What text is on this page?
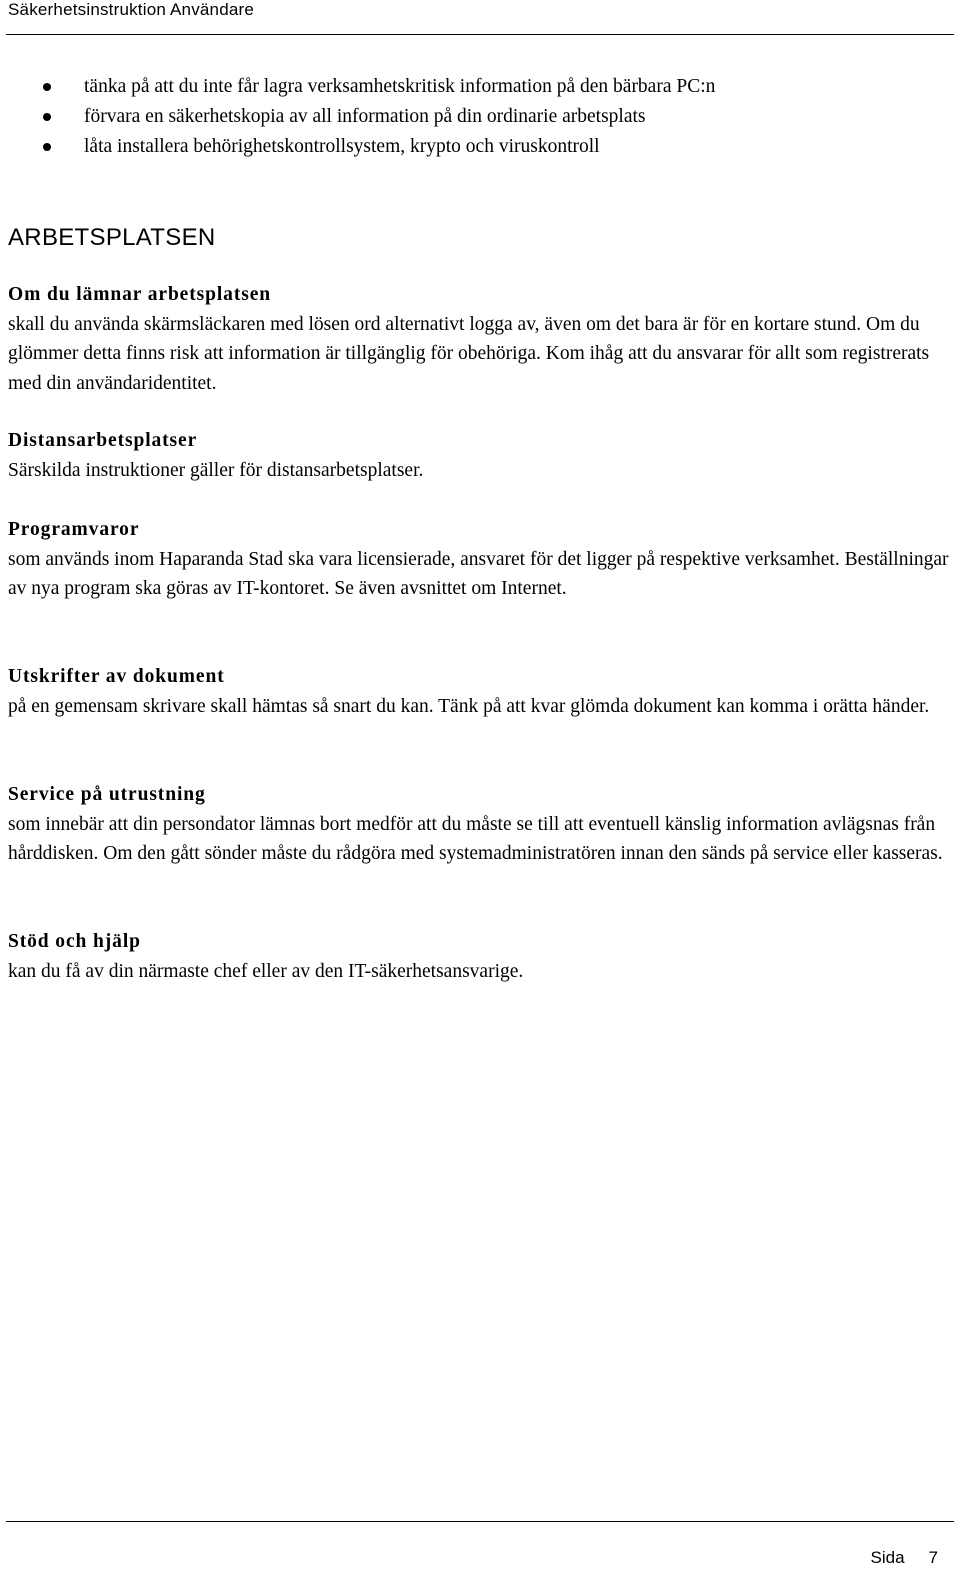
Säkerhetsinstruktion Användare
tänka på att du inte får lagra verksamhetskritisk information på den bärbara PC:n
förvara en säkerhetskopia av all information på din ordinarie arbetsplats
låta installera behörighetskontrollsystem, krypto och viruskontroll
ARBETSPLATSEN
Om du lämnar arbetsplatsen

skall du använda skärmsläckaren med lösen ord alternativt logga av, även om det bara är för en kortare stund. Om du glömmer detta finns risk att information är tillgänglig för obehöriga. Kom ihåg att du ansvarar för allt som registrerats med din användaridentitet.

Distansarbetsplatser

Särskilda instruktioner gäller för distansarbetsplatser.

Programvaror

som används inom Haparanda Stad ska vara licensierade, ansvaret för det ligger på respektive verksamhet. Beställningar av nya program ska göras av IT-kontoret. Se även avsnittet om Internet.

Utskrifter av dokument

på en gemensam skrivare skall hämtas så snart du kan. Tänk på att kvar glömda dokument kan komma i orätta händer.

Service på utrustning

som innebär att din persondator lämnas bort medför att du måste se till att eventuell känslig information avlägsnas från hårddisken. Om den gått sönder måste du rådgöra med systemadministratören innan den sänds på service eller kasseras.

Stöd och hjälp

kan du få av din närmaste chef eller av den IT-säkerhetsansvarige.

Sida 7
